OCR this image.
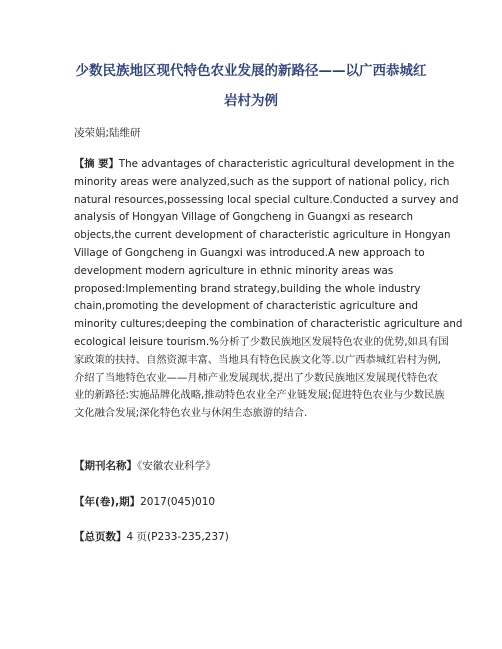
少数民族地区现代特色农业发展的新路径——以广西恭城红
岩村为例
凌荣娟;陆维研
【摘 要】The advantages of characteristic agricultural development in the
minority areas were analyzed,such as the support of national policy, rich
natural resources,possessing local special culture.Conducted a survey and
analysis of Hongyan Village of Gongcheng in Guangxi as research
objects,the current development of characteristic agriculture in Hongyan
Village of Gongcheng in Guangxi was introduced.A new approach to
development modern agriculture in ethnic minority areas was
proposed:Implementing brand strategy,building the whole industry
chain,promoting the development of characteristic agriculture and
minority cultures;deeping the combination of characteristic agriculture and
ecological leisure tourism.%分析了少数民族地区发展特色农业的优势,如具有国
家政策的扶持、自然资源丰富、当地具有特色民族文化等.以广西恭城红岩村为例,
介绍了当地特色农业——月柿产业发展现状,提出了少数民族地区发展现代特色农
业的新路径:实施品牌化战略,推动特色农业全产业链发展;促进特色农业与少数民族
文化融合发展;深化特色农业与休闲生态旅游的结合.
【期刊名称】《安徽农业科学》
【年(卷),期】2017(045)010
【总页数】4 页(P233-235,237)
